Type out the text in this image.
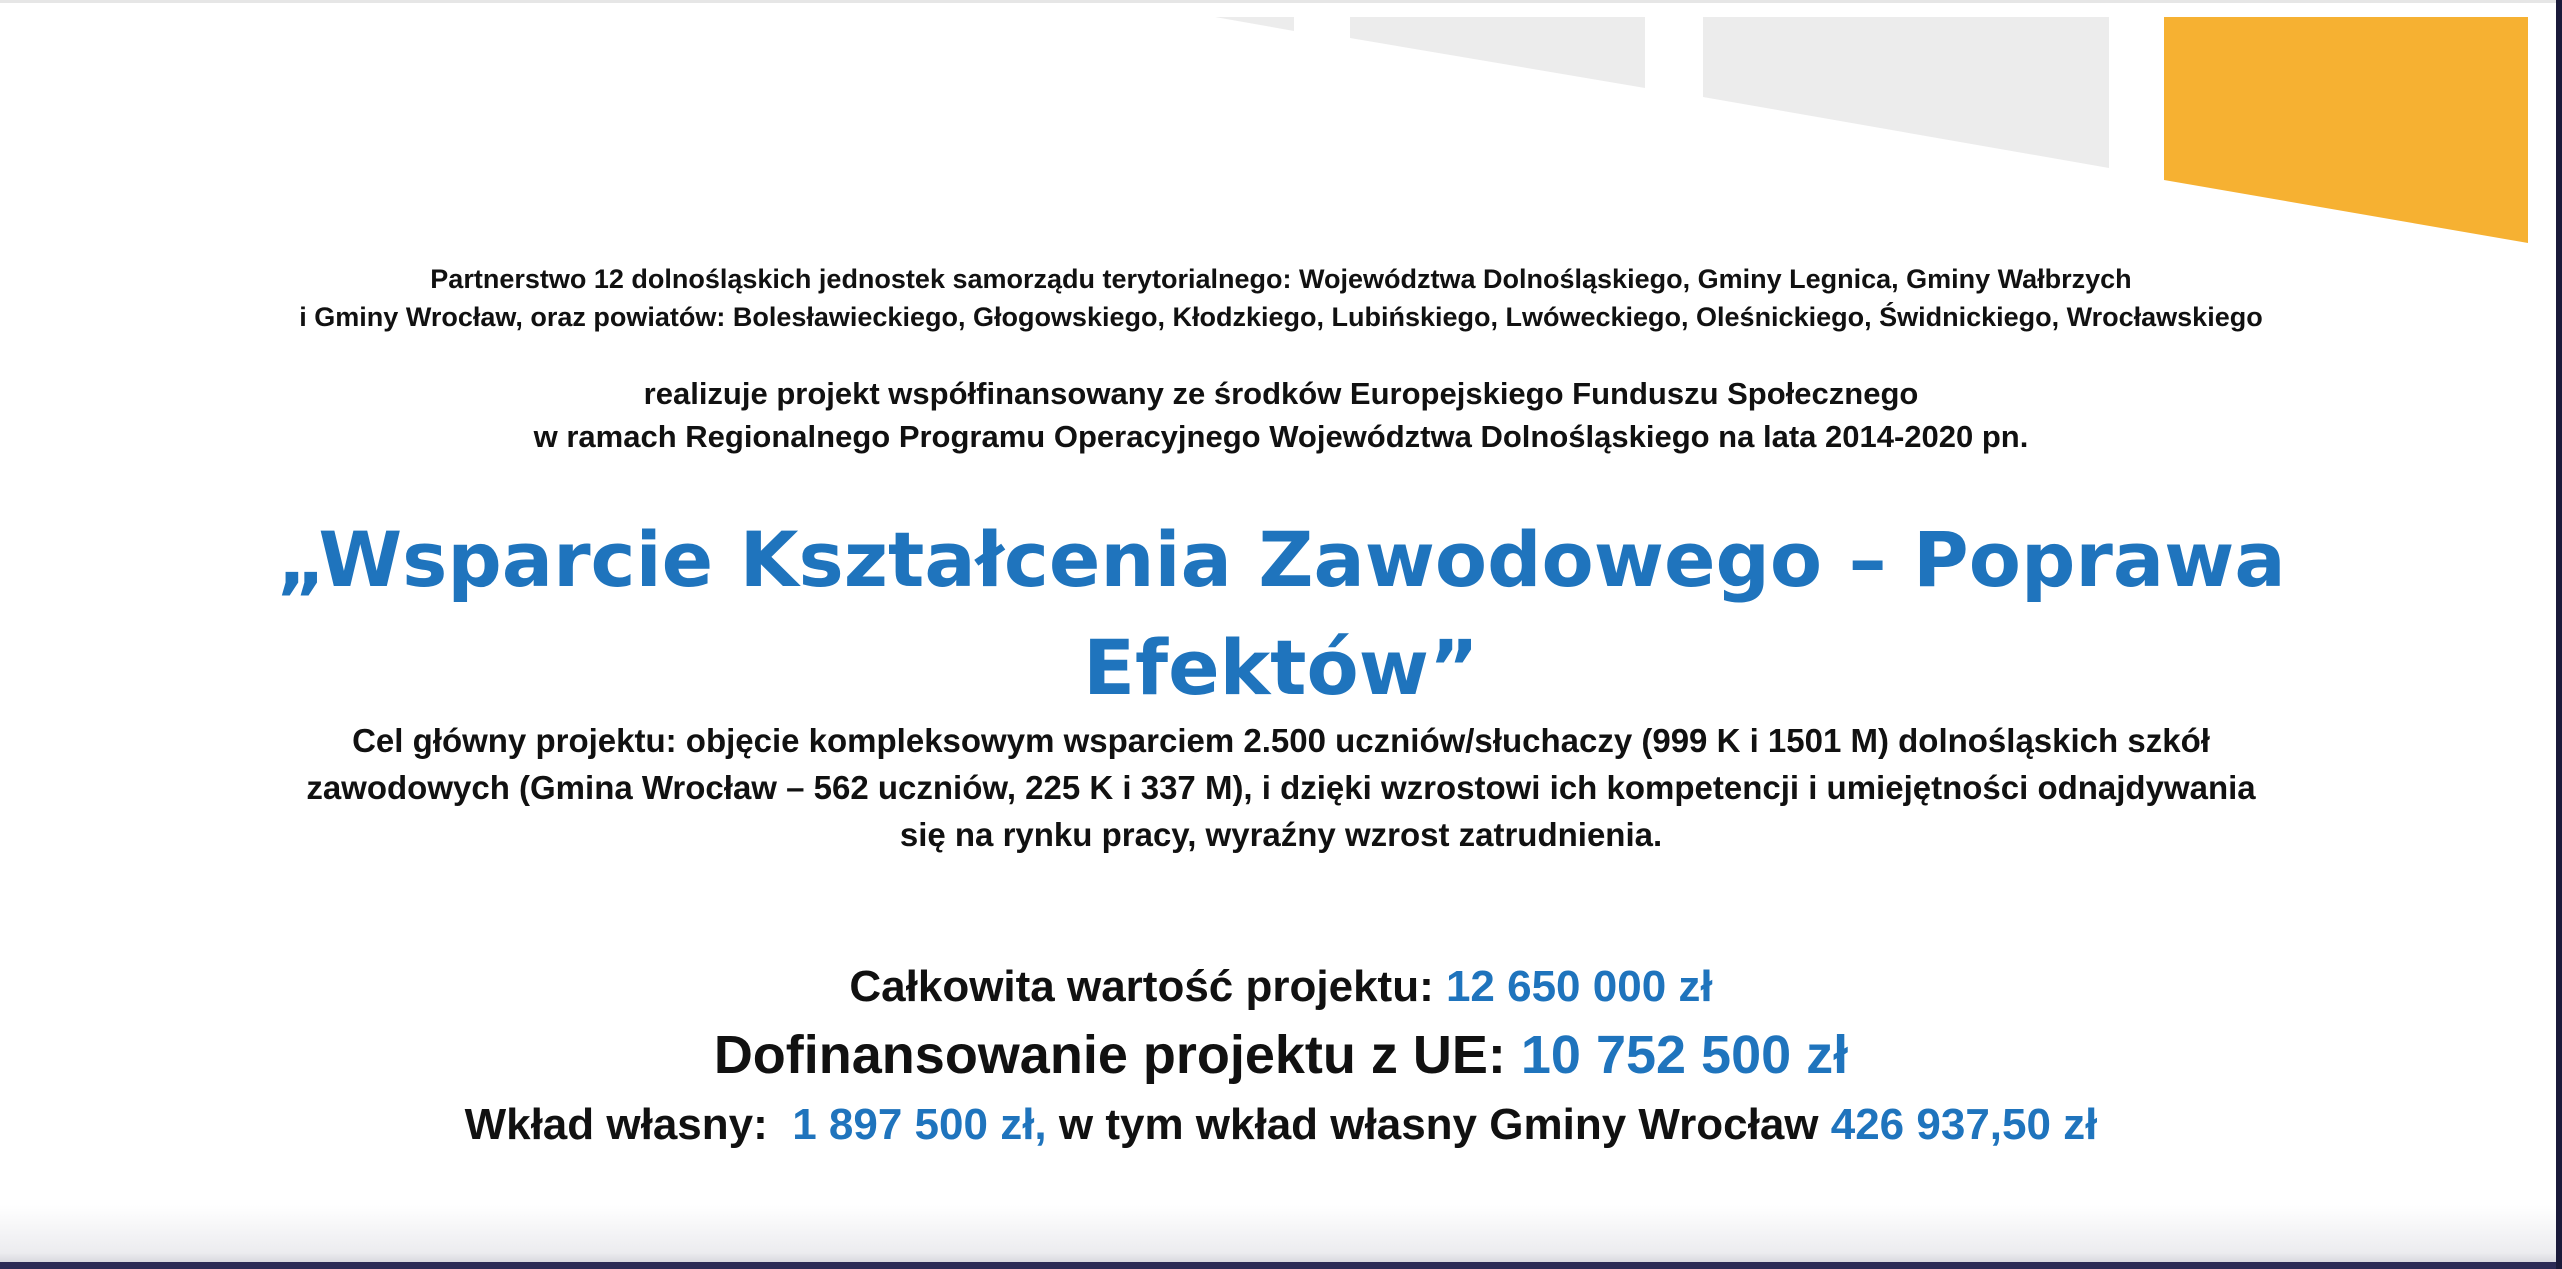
Partnerstwo 12 dolnośląskich jednostek samorządu terytorialnego: Województwa Dolnośląskiego, Gminy Legnica, Gminy Wałbrzych
i Gminy Wrocław, oraz powiatów: Bolesławieckiego, Głogowskiego, Kłodzkiego, Lubińskiego, Lwóweckiego, Oleśnickiego, Świdnickiego, Wrocławskiego
realizuje projekt współfinansowany ze środków Europejskiego Funduszu Społecznego
w ramach Regionalnego Programu Operacyjnego Województwa Dolnośląskiego na lata 2014-2020 pn.
„Wsparcie Kształcenia Zawodowego – Poprawa
Efektów”
Cel główny projektu: objęcie kompleksowym wsparciem 2.500 uczniów/słuchaczy (999 K i 1501 M) dolnośląskich szkół
zawodowych (Gmina Wrocław – 562 uczniów, 225 K i 337 M), i dzięki wzrostowi ich kompetencji i umiejętności odnajdywania
się na rynku pracy, wyraźny wzrost zatrudnienia.
Całkowita wartość projektu: 12 650 000 zł
Dofinansowanie projektu z UE: 10 752 500 zł
Wkład własny:  1 897 500 zł, w tym wkład własny Gminy Wrocław 426 937,50 zł
